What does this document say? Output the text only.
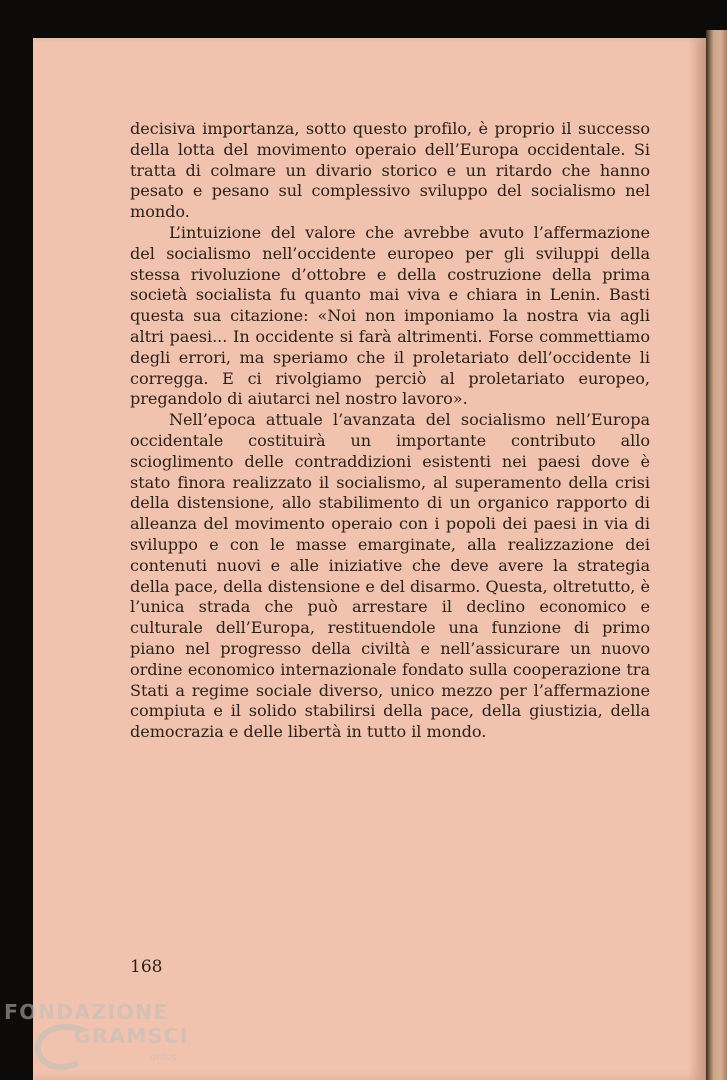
decisiva importanza, sotto questo profilo, è proprio il successo della lotta del movimento operaio dell’Europa occidentale. Si tratta di colmare un divario storico e un ritardo che hanno pesato e pesano sul complessivo sviluppo del socialismo nel mondo.

L’intuizione del valore che avrebbe avuto l’affermazione del socialismo nell’occidente europeo per gli sviluppi della stessa rivoluzione d’ottobre e della costruzione della prima società socialista fu quanto mai viva e chiara in Lenin. Basti questa sua citazione: «Noi non imponiamo la nostra via agli altri paesi... In occidente si farà altrimenti. Forse commettiamo degli errori, ma speriamo che il proletariato dell’occidente li corregga. E ci rivolgiamo perciò al proletariato europeo, pregandolo di aiutarci nel nostro lavoro».

Nell’epoca attuale l’avanzata del socialismo nell’Europa occidentale costituirà un importante contributo allo scioglimento delle contraddizioni esistenti nei paesi dove è stato finora realizzato il socialismo, al superamento della crisi della distensione, allo stabilimento di un organico rapporto di alleanza del movimento operaio con i popoli dei paesi in via di sviluppo e con le masse emarginate, alla realizzazione dei contenuti nuovi e alle iniziative che deve avere la strategia della pace, della distensione e del disarmo. Questa, oltretutto, è l’unica strada che può arrestare il declino economico e culturale dell’Europa, restituendole una funzione di primo piano nel progresso della civiltà e nell’assicurare un nuovo ordine economico internazionale fondato sulla cooperazione tra Stati a regime sociale diverso, unico mezzo per l’affermazione compiuta e il solido stabilirsi della pace, della giustizia, della democrazia e delle libertà in tutto il mondo.

168
FONDAZIONE
GRAMSCI
onlus
